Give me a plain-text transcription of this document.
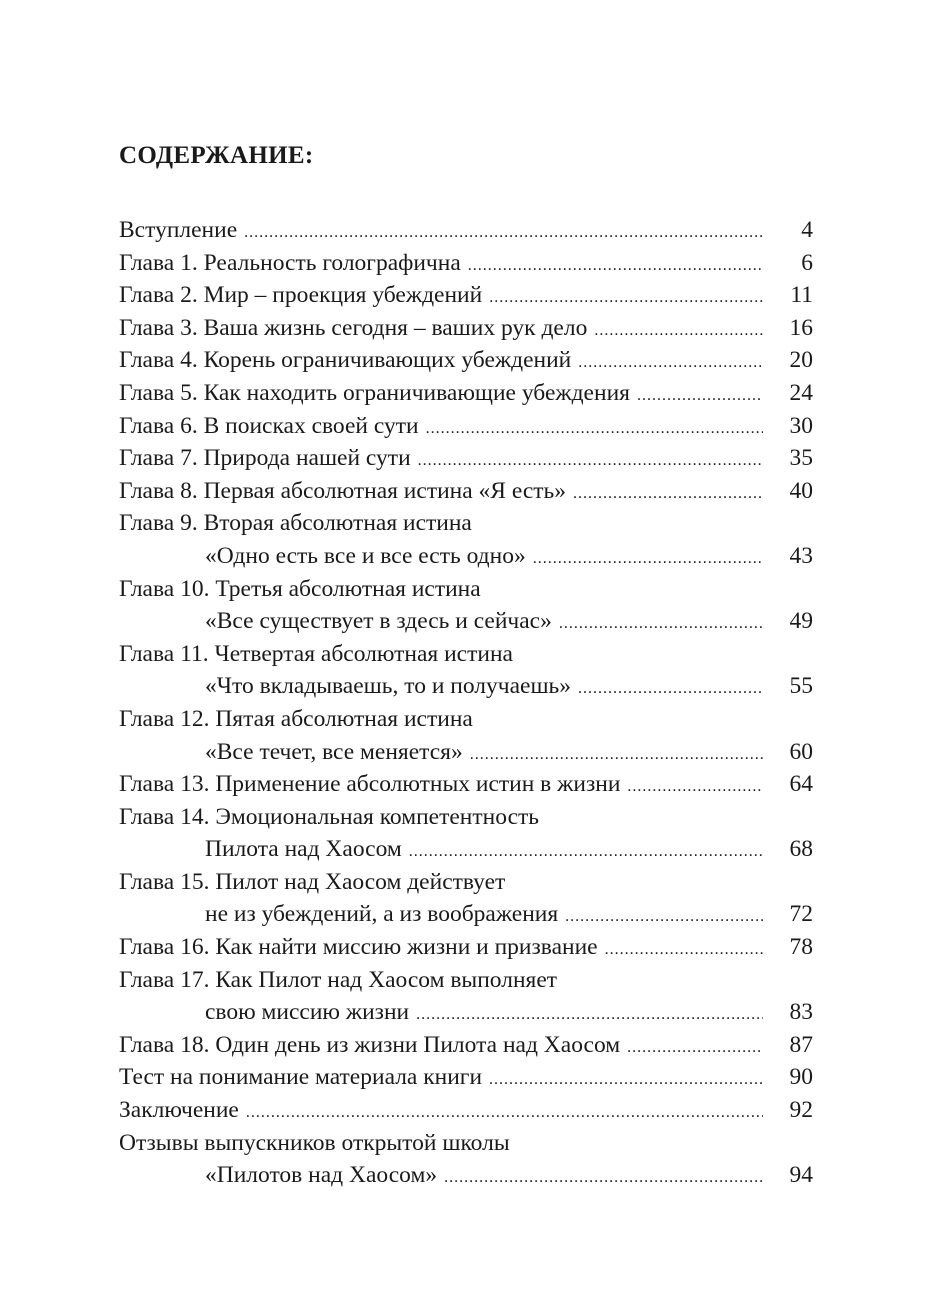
СОДЕРЖАНИЕ:
Вступление .....	4
Глава 1. Реальность голографична .....	6
Глава 2. Мир – проекция убеждений .....	11
Глава 3. Ваша жизнь сегодня – ваших рук дело .....	16
Глава 4. Корень ограничивающих убеждений .....	20
Глава 5. Как находить ограничивающие убеждения .....	24
Глава 6. В поисках своей сути .....	30
Глава 7. Природа нашей сути .....	35
Глава 8. Первая абсолютная истина «Я есть» .....	40
Глава 9. Вторая абсолютная истина
«Одно есть все и все есть одно» .....	43
Глава 10. Третья абсолютная истина
«Все существует в здесь и сейчас» .....	49
Глава 11. Четвертая абсолютная истина
«Что вкладываешь, то и получаешь» .....	55
Глава 12. Пятая абсолютная истина
«Все течет, все меняется» .....	60
Глава 13. Применение абсолютных истин в жизни .....	64
Глава 14. Эмоциональная компетентность
Пилота над Хаосом .....	68
Глава 15. Пилот над Хаосом действует
не из убеждений, а из воображения .....	72
Глава 16. Как найти миссию жизни и призвание .....	78
Глава 17. Как Пилот над Хаосом выполняет
свою миссию жизни .....	83
Глава 18. Один день из жизни Пилота над Хаосом .....	87
Тест на понимание материала книги .....	90
Заключение .....	92
Отзывы выпускников открытой школы
«Пилотов над Хаосом» .....	94
